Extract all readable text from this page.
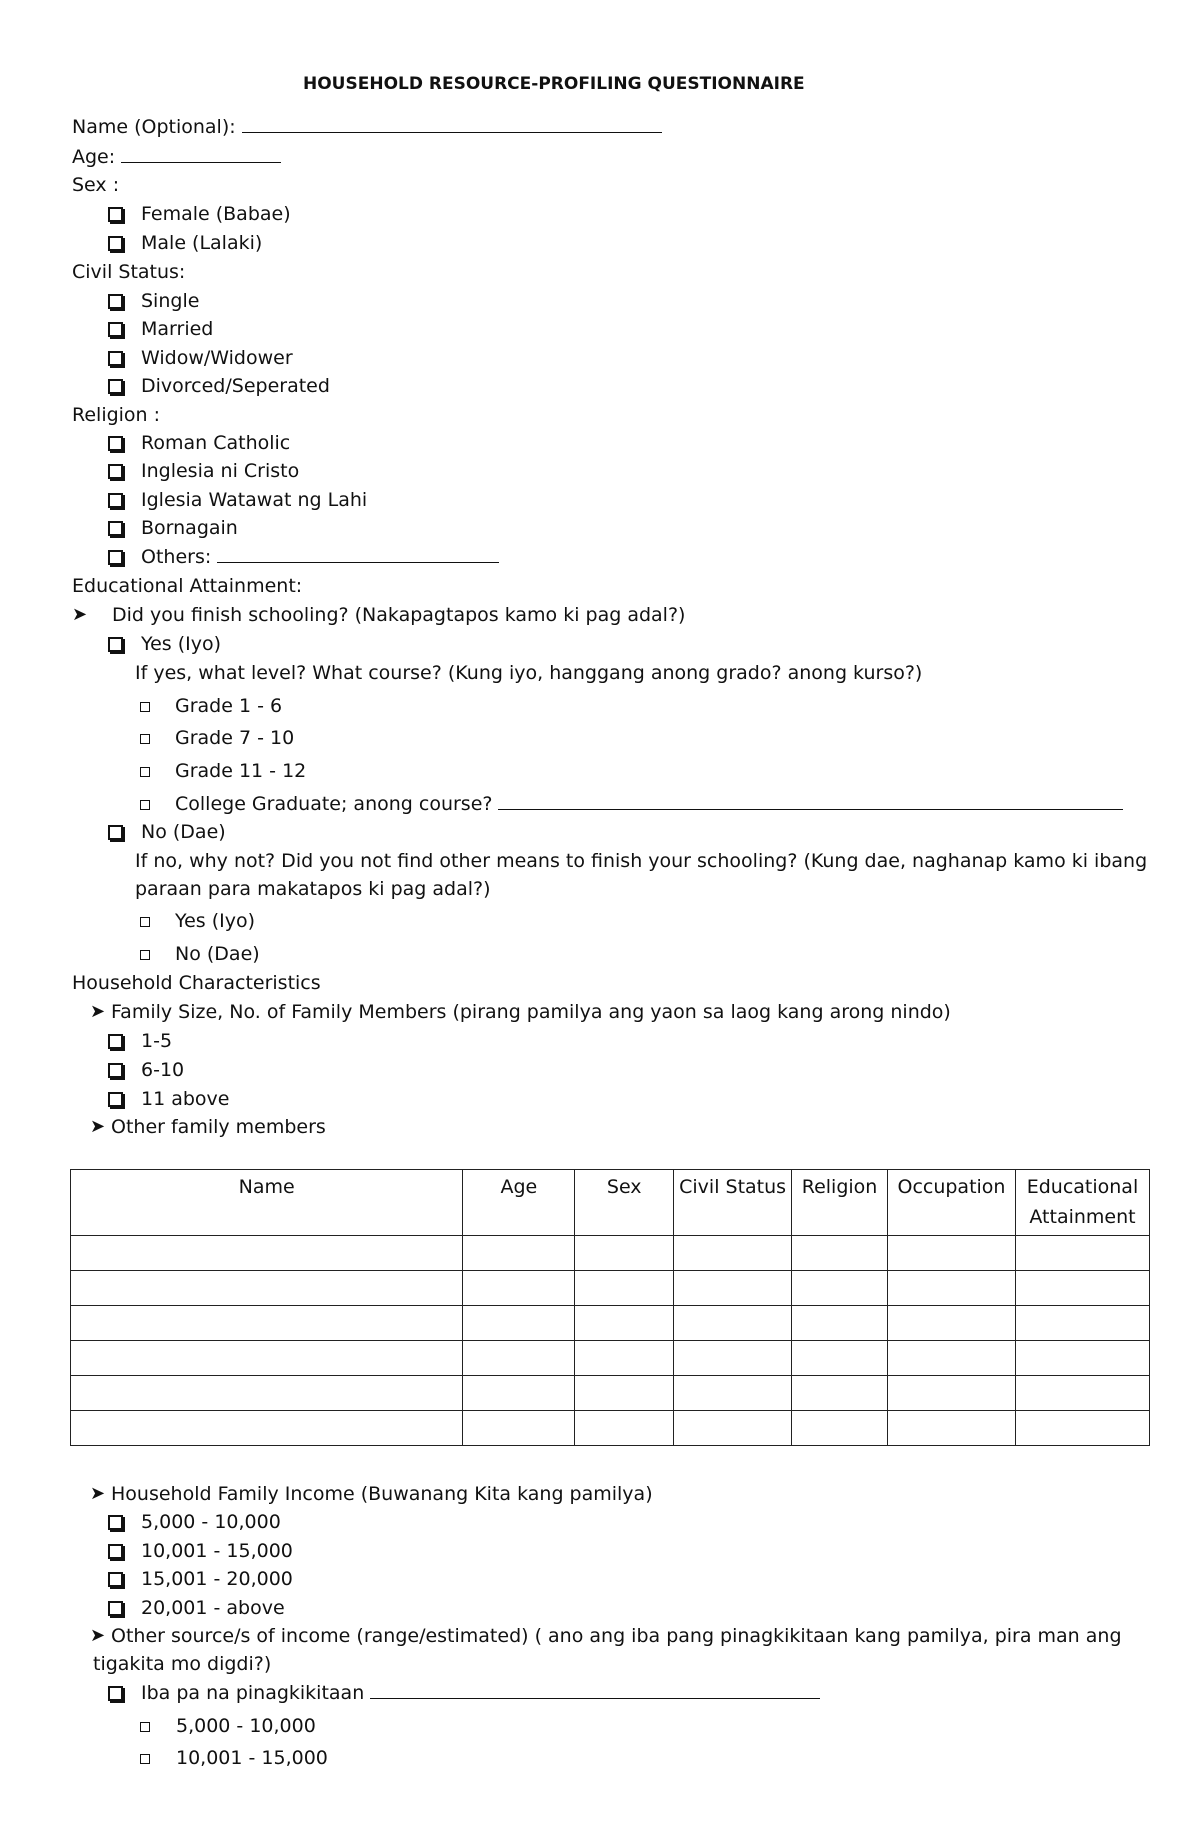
HOUSEHOLD RESOURCE-PROFILING QUESTIONNAIRE
Name (Optional):
Age:
Sex :
Female (Babae)
Male (Lalaki)
Civil Status:
Single
Married
Widow/Widower
Divorced/Seperated
Religion :
Roman Catholic
Inglesia ni Cristo
Iglesia Watawat ng Lahi
Bornagain
Others:
Educational Attainment:
➤ Did you finish schooling? (Nakapagtapos kamo ki pag adal?)
Yes (Iyo)
If yes, what level? What course? (Kung iyo, hanggang anong grado? anong kurso?)
Grade 1 - 6
Grade 7 - 10
Grade 11 - 12
College Graduate; anong course?
No (Dae)
If no, why not? Did you not find other means to finish your schooling? (Kung dae, naghanap kamo ki ibang
paraan para makatapos ki pag adal?)
Yes (Iyo)
No (Dae)
Household Characteristics
➤ Family Size, No. of Family Members (pirang pamilya ang yaon sa laog kang arong nindo)
1-5
6-10
11 above
➤ Other family members
Name	Age	Sex	Civil Status	Religion	Occupation	Educational Attainment

➤ Household Family Income (Buwanang Kita kang pamilya)
5,000 - 10,000
10,001 - 15,000
15,001 - 20,000
20,001 - above
➤ Other source/s of income (range/estimated) ( ano ang iba pang pinagkikitaan kang pamilya, pira man ang
tigakita mo digdi?)
Iba pa na pinagkikitaan
5,000 - 10,000
10,001 - 15,000
